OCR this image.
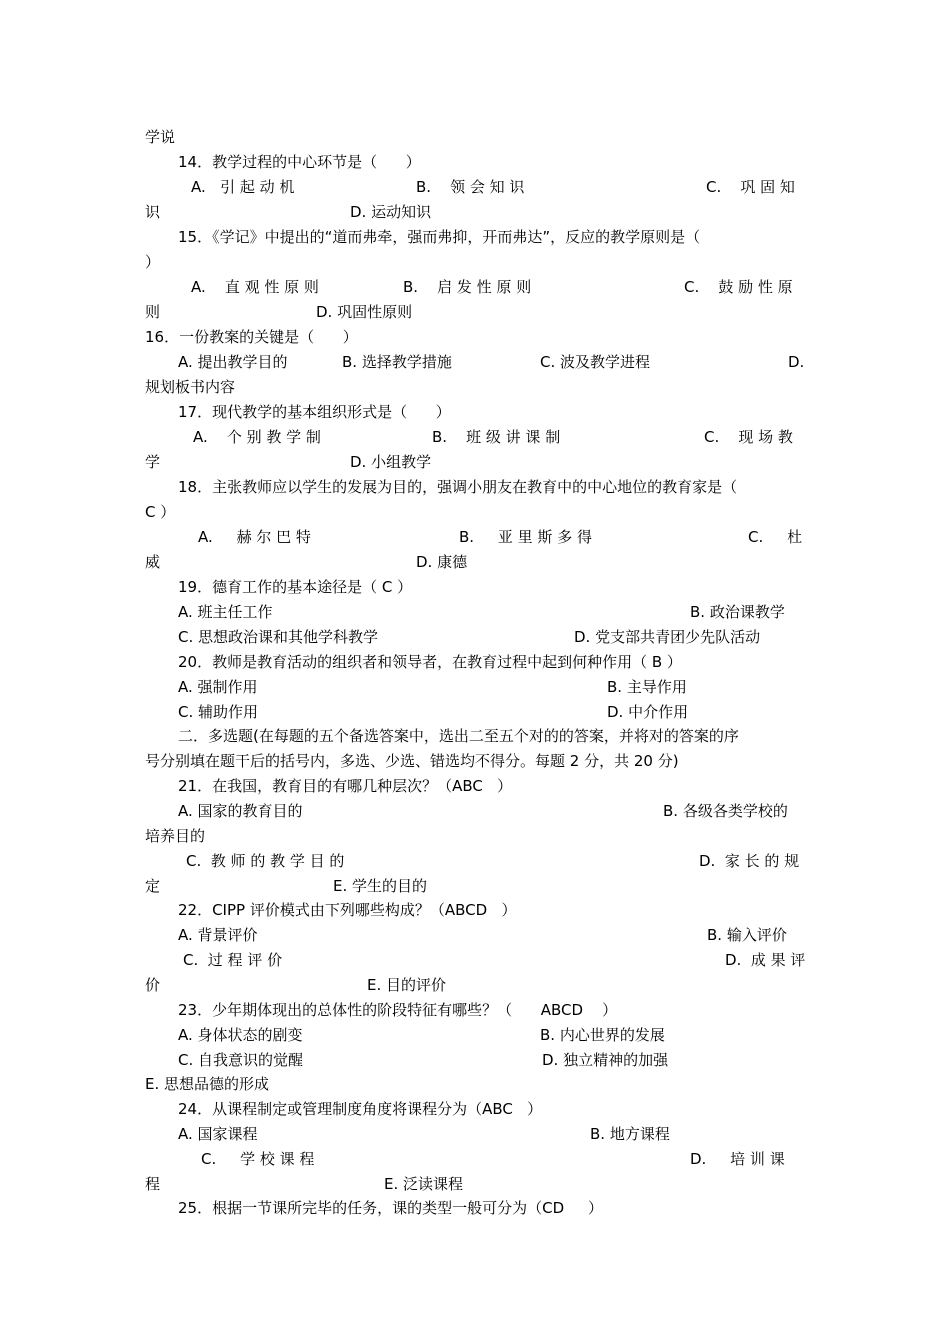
学说
14．教学过程的中心环节是（      ）
A.   引 起 动 机	B.    领 会 知 识	C.    巩 固 知
识	D. 运动知识
15．《学记》中提出的“道而弗牵，强而弗抑，开而弗达”，反应的教学原则是（
）
A.    直 观 性 原 则	B.    启 发 性 原 则	C.    鼓 励 性 原
则	D. 巩固性原则
16．一份教案的关键是（      ）
A. 提出教学目的	B. 选择教学措施	C. 波及教学进程	D.
规划板书内容
17．现代教学的基本组织形式是（      ）
A.    个 别 教 学 制	B.    班 级 讲 课 制	C.    现 场 教
学	D. 小组教学
18．主张教师应以学生的发展为目的，强调小朋友在教育中的中心地位的教育家是（
C ）
A.     赫 尔 巴 特	B.     亚 里 斯 多 得	C.     杜
威	D. 康德
19．德育工作的基本途径是（ C ）
A. 班主任工作	B. 政治课教学
C. 思想政治课和其他学科教学	D. 党支部共青团少先队活动
20．教师是教育活动的组织者和领导者，在教育过程中起到何种作用（ B ）
A. 强制作用	B. 主导作用
C. 辅助作用	D. 中介作用
二．多选题(在每题的五个备选答案中，选出二至五个对的的答案，并将对的答案的序
号分别填在题干后的括号内，多选、少选、错选均不得分。每题 2 分，共 20 分)
21．在我国，教育目的有哪几种层次？（ABC   ）
A. 国家的教育目的	B. 各级各类学校的
培养目的
C.  教 师 的 教 学 目 的	D.  家 长 的 规
定	E. 学生的目的
22．CIPP 评价模式由下列哪些构成？（ABCD   ）
A. 背景评价	B. 输入评价
C.  过 程 评 价	D.  成 果 评
价	E. 目的评价
23．少年期体现出的总体性的阶段特征有哪些？（      ABCD    ）
A. 身体状态的剧变	B. 内心世界的发展
C. 自我意识的觉醒	D. 独立精神的加强
E. 思想品德的形成
24．从课程制定或管理制度角度将课程分为（ABC   ）
A. 国家课程	B. 地方课程
C.     学 校 课 程	D.     培 训 课
程	E. 泛读课程
25．根据一节课所完毕的任务，课的类型一般可分为（CD     ）
